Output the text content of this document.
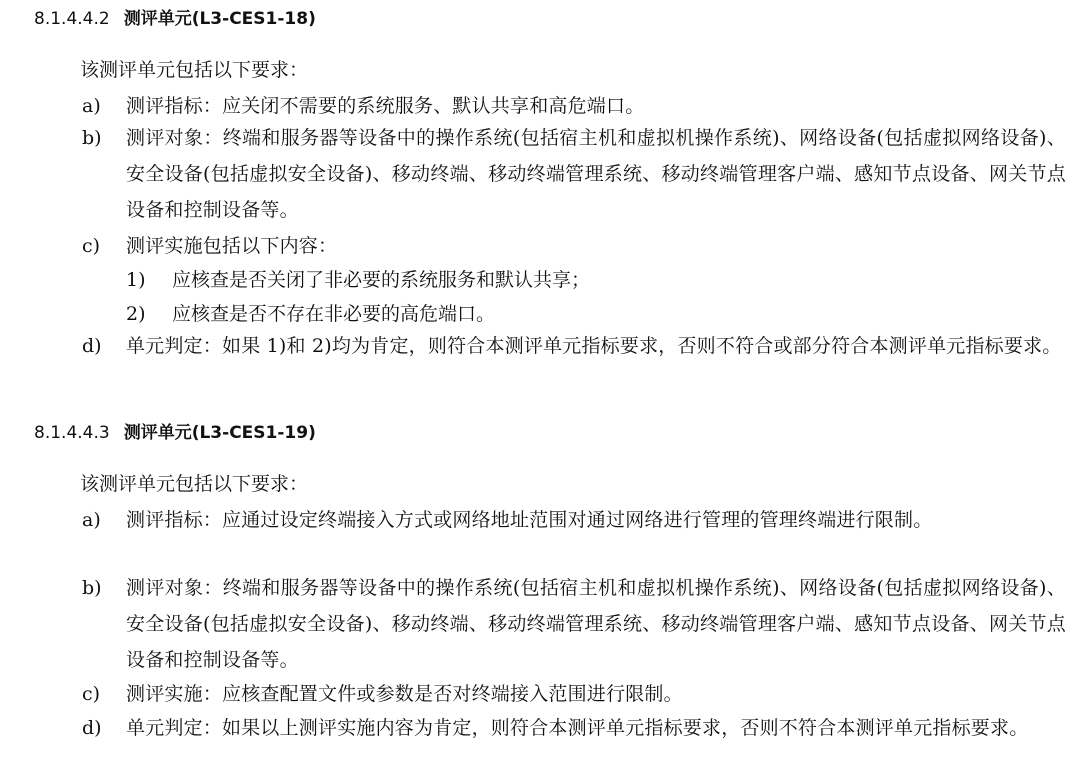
8.1.4.4.2 测评单元(L3-CES1-18)
该测评单元包括以下要求：
a)	测评指标：应关闭不需要的系统服务、默认共享和高危端口。
b)	测评对象：终端和服务器等设备中的操作系统(包括宿主机和虚拟机操作系统)、网络设备(包括虚拟网络设备)、安全设备(包括虚拟安全设备)、移动终端、移动终端管理系统、移动终端管理客户端、感知节点设备、网关节点设备和控制设备等。
c)	测评实施包括以下内容：
1) 应核查是否关闭了非必要的系统服务和默认共享；
2) 应核查是否不存在非必要的高危端口。
d)	单元判定：如果 1)和 2)均为肯定，则符合本测评单元指标要求，否则不符合或部分符合本测评单元指标要求。
8.1.4.4.3 测评单元(L3-CES1-19)
该测评单元包括以下要求：
a)	测评指标：应通过设定终端接入方式或网络地址范围对通过网络进行管理的管理终端进行限制。
b)	测评对象：终端和服务器等设备中的操作系统(包括宿主机和虚拟机操作系统)、网络设备(包括虚拟网络设备)、安全设备(包括虚拟安全设备)、移动终端、移动终端管理系统、移动终端管理客户端、感知节点设备、网关节点设备和控制设备等。
c)	测评实施：应核查配置文件或参数是否对终端接入范围进行限制。
d)	单元判定：如果以上测评实施内容为肯定，则符合本测评单元指标要求，否则不符合本测评单元指标要求。
